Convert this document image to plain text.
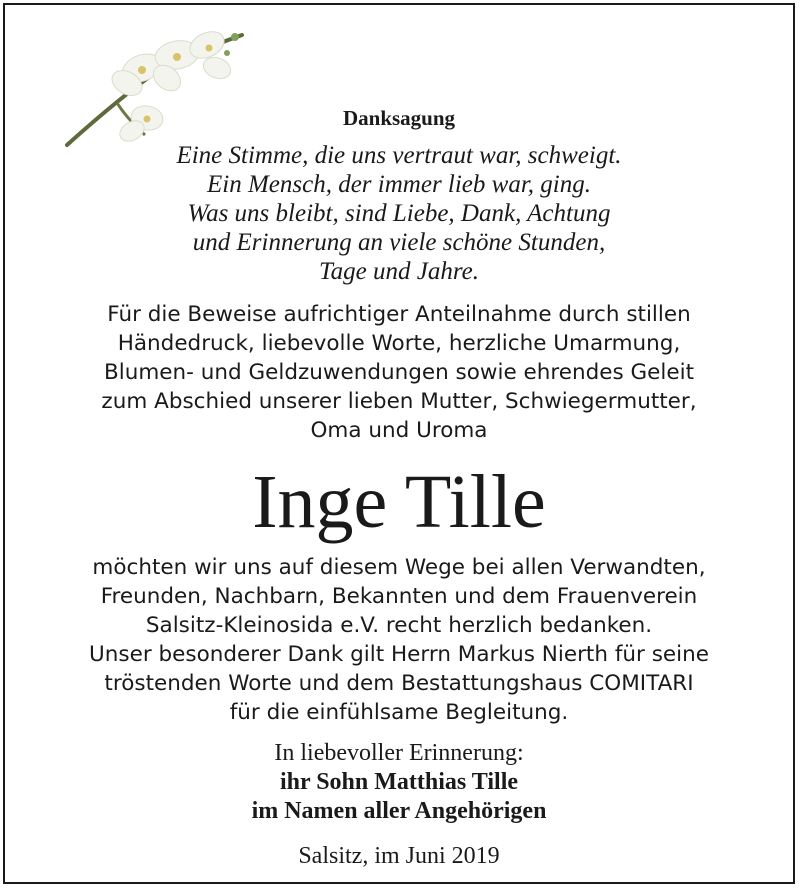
Danksagung
Eine Stimme, die uns vertraut war, schweigt.
Ein Mensch, der immer lieb war, ging.
Was uns bleibt, sind Liebe, Dank, Achtung
und Erinnerung an viele schöne Stunden,
Tage und Jahre.
Für die Beweise aufrichtiger Anteilnahme durch stillen
Händedruck, liebevolle Worte, herzliche Umarmung,
Blumen- und Geldzuwendungen sowie ehrendes Geleit
zum Abschied unserer lieben Mutter, Schwiegermutter,
Oma und Uroma
Inge Tille
möchten wir uns auf diesem Wege bei allen Verwandten,
Freunden, Nachbarn, Bekannten und dem Frauenverein
Salsitz-Kleinosida e.V. recht herzlich bedanken.
Unser besonderer Dank gilt Herrn Markus Nierth für seine
tröstenden Worte und dem Bestattungshaus COMITARI
für die einfühlsame Begleitung.
In liebevoller Erinnerung:
ihr Sohn Matthias Tille
im Namen aller Angehörigen
Salsitz, im Juni 2019
